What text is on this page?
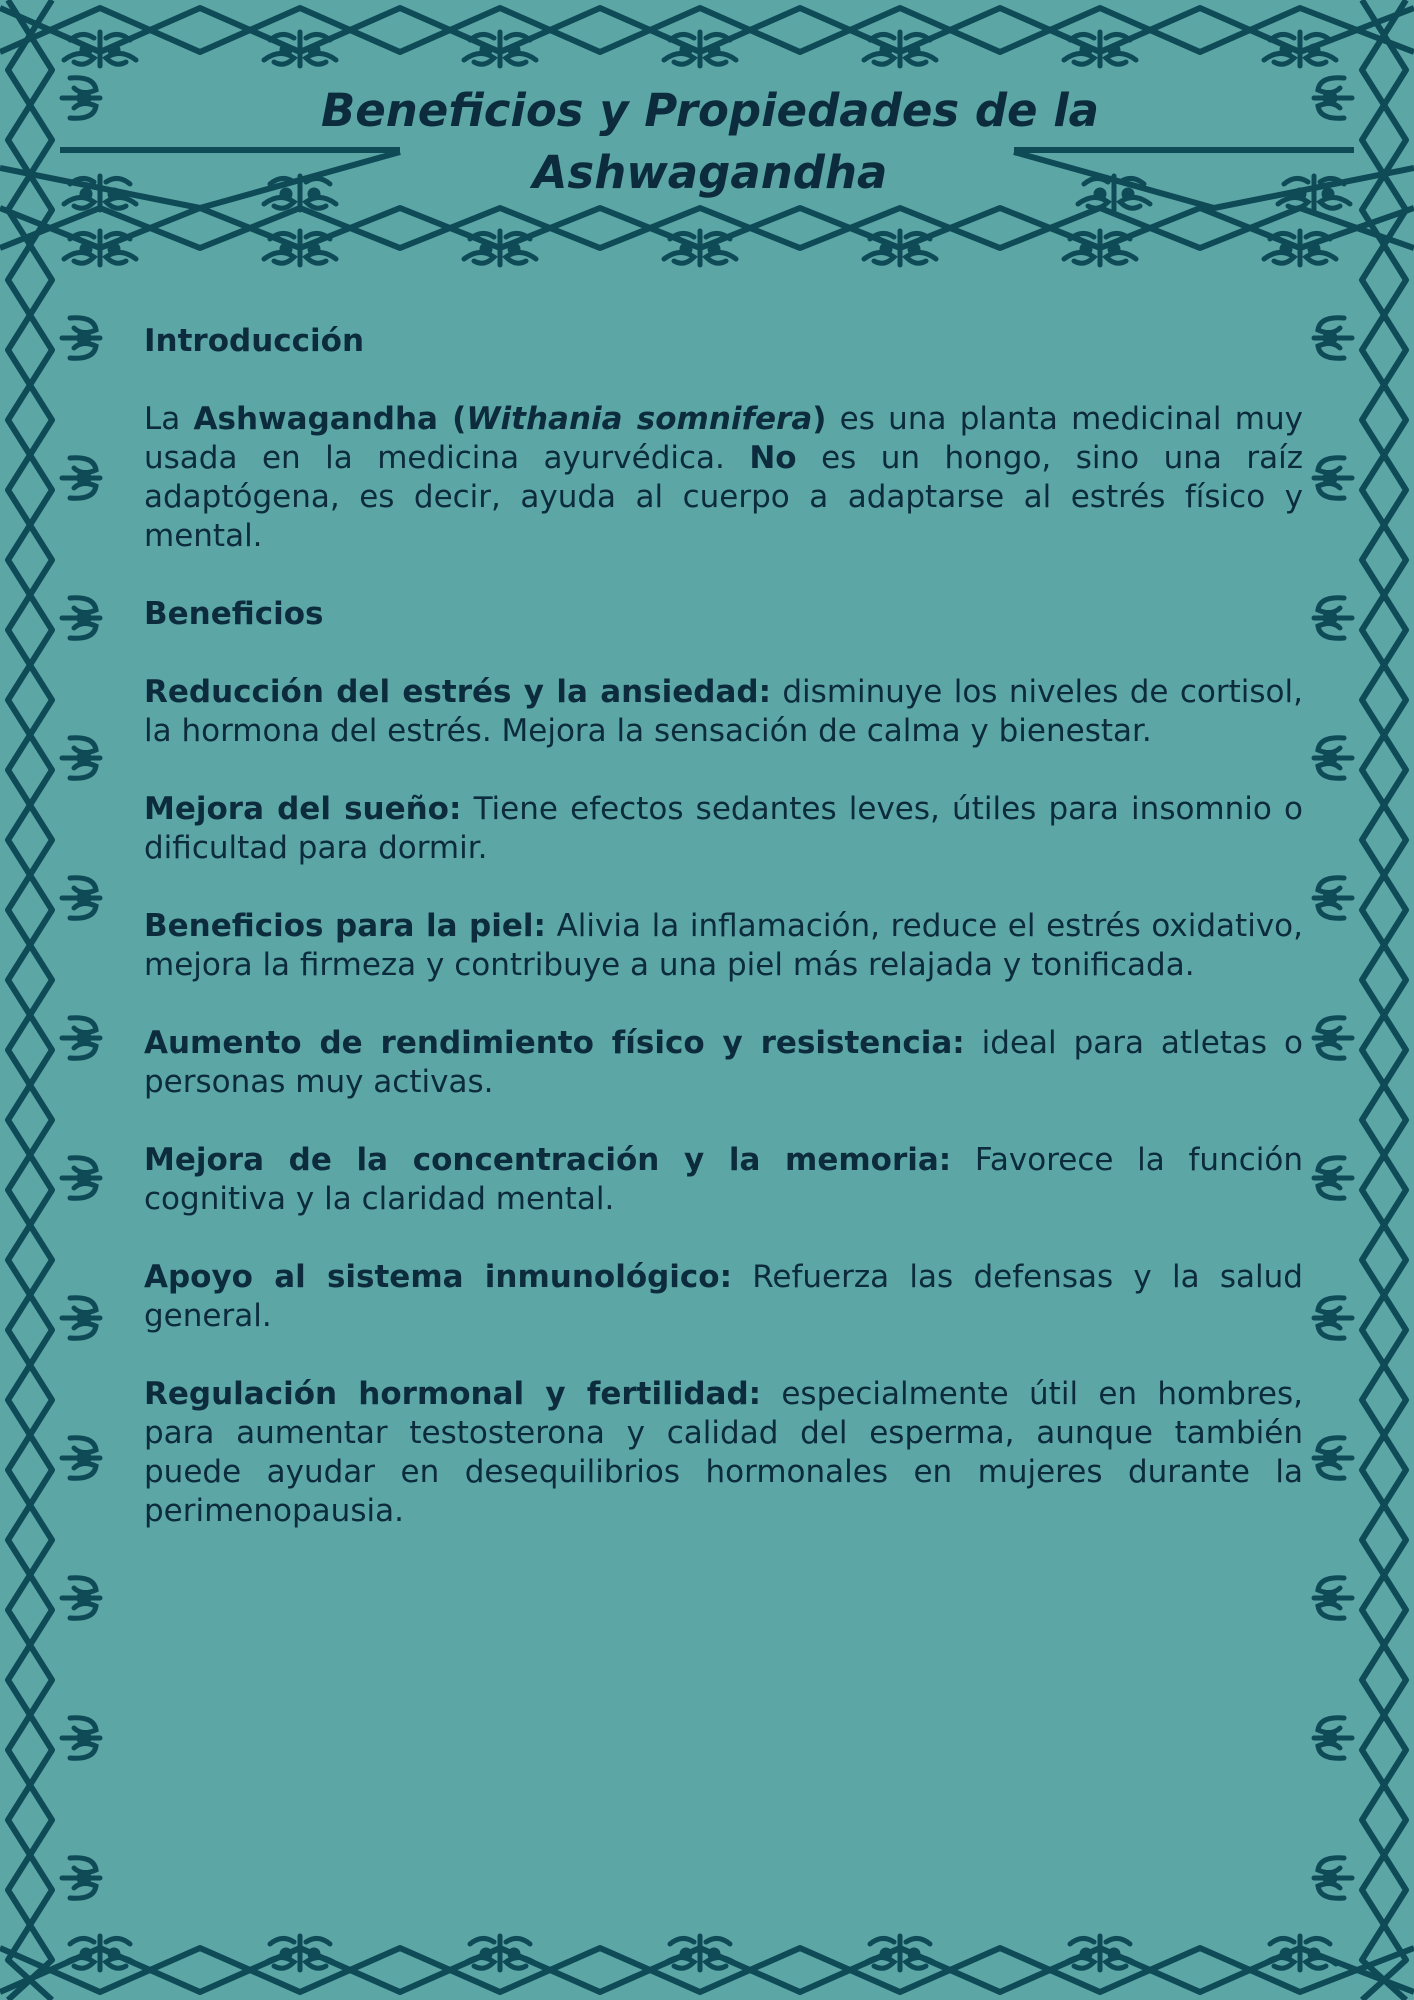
Beneficios y Propiedades de la
Ashwagandha
Introducción

La Ashwagandha (Withania somnifera) es una planta medicinal muy usada en la medicina ayurvédica. No es un hongo, sino una raíz adaptógena, es decir, ayuda al cuerpo a adaptarse al estrés físico y mental.

Beneficios

Reducción del estrés y la ansiedad: disminuye los niveles de cortisol, la hormona del estrés. Mejora la sensación de calma y bienestar.

Mejora del sueño: Tiene efectos sedantes leves, útiles para insomnio o dificultad para dormir.

Beneficios para la piel: Alivia la inflamación, reduce el estrés oxidativo, mejora la firmeza y contribuye a una piel más relajada y tonificada.

Aumento de rendimiento físico y resistencia: ideal para atletas o personas muy activas.

Mejora de la concentración y la memoria: Favorece la función cognitiva y la claridad mental.

Apoyo al sistema inmunológico: Refuerza las defensas y la salud general.

Regulación hormonal y fertilidad: especialmente útil en hombres, para aumentar testosterona y calidad del esperma, aunque también puede ayudar en desequilibrios hormonales en mujeres durante la perimenopausia.
